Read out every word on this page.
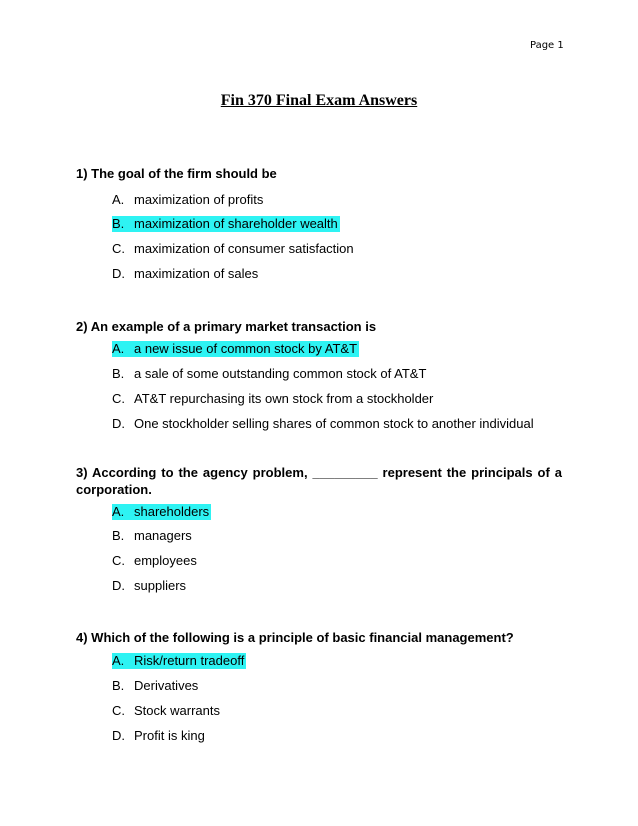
Page 1
Fin 370 Final Exam Answers
1) The goal of the firm should be
A. maximization of profits
B. maximization of shareholder wealth
C. maximization of consumer satisfaction
D. maximization of sales
2) An example of a primary market transaction is
A. a new issue of common stock by AT&T
B. a sale of some outstanding common stock of AT&T
C. AT&T repurchasing its own stock from a stockholder
D. One stockholder selling shares of common stock to another individual
3) According to the agency problem, _________ represent the principals of a corporation.
A. shareholders
B. managers
C. employees
D. suppliers
4) Which of the following is a principle of basic financial management?
A. Risk/return tradeoff
B. Derivatives
C. Stock warrants
D. Profit is king
